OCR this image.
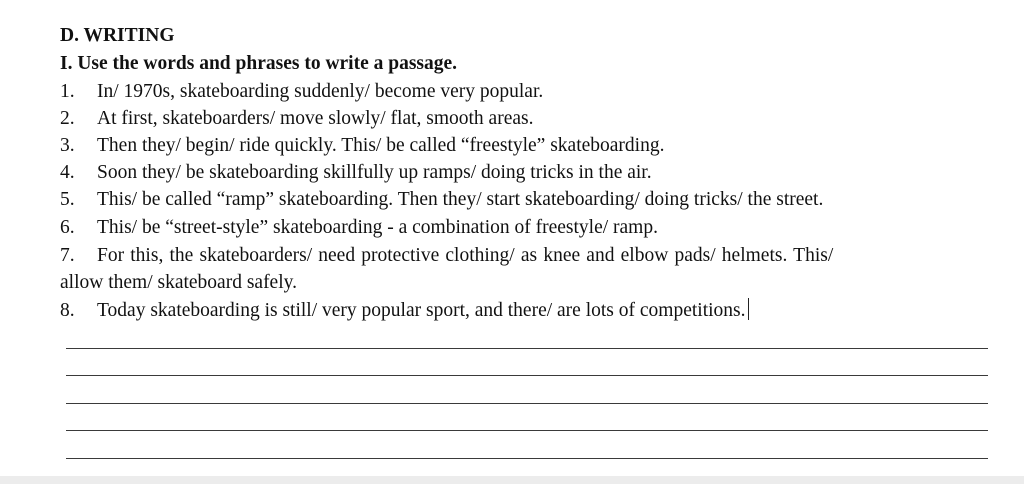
D. WRITING
I. Use the words and phrases to write a passage.
1. In/ 1970s, skateboarding suddenly/ become very popular.
2. At first, skateboarders/ move slowly/ flat, smooth areas.
3. Then they/ begin/ ride quickly. This/ be called “freestyle” skateboarding.
4. Soon they/ be skateboarding skillfully up ramps/ doing tricks in the air.
5. This/ be called “ramp” skateboarding. Then they/ start skateboarding/ doing tricks/ the street.
6. This/ be “street-style” skateboarding - a combination of freestyle/ ramp.
7. For this, the skateboarders/ need protective clothing/ as knee and elbow pads/ helmets. This/
allow them/ skateboard safely.
8. Today skateboarding is still/ very popular sport, and there/ are lots of competitions.
